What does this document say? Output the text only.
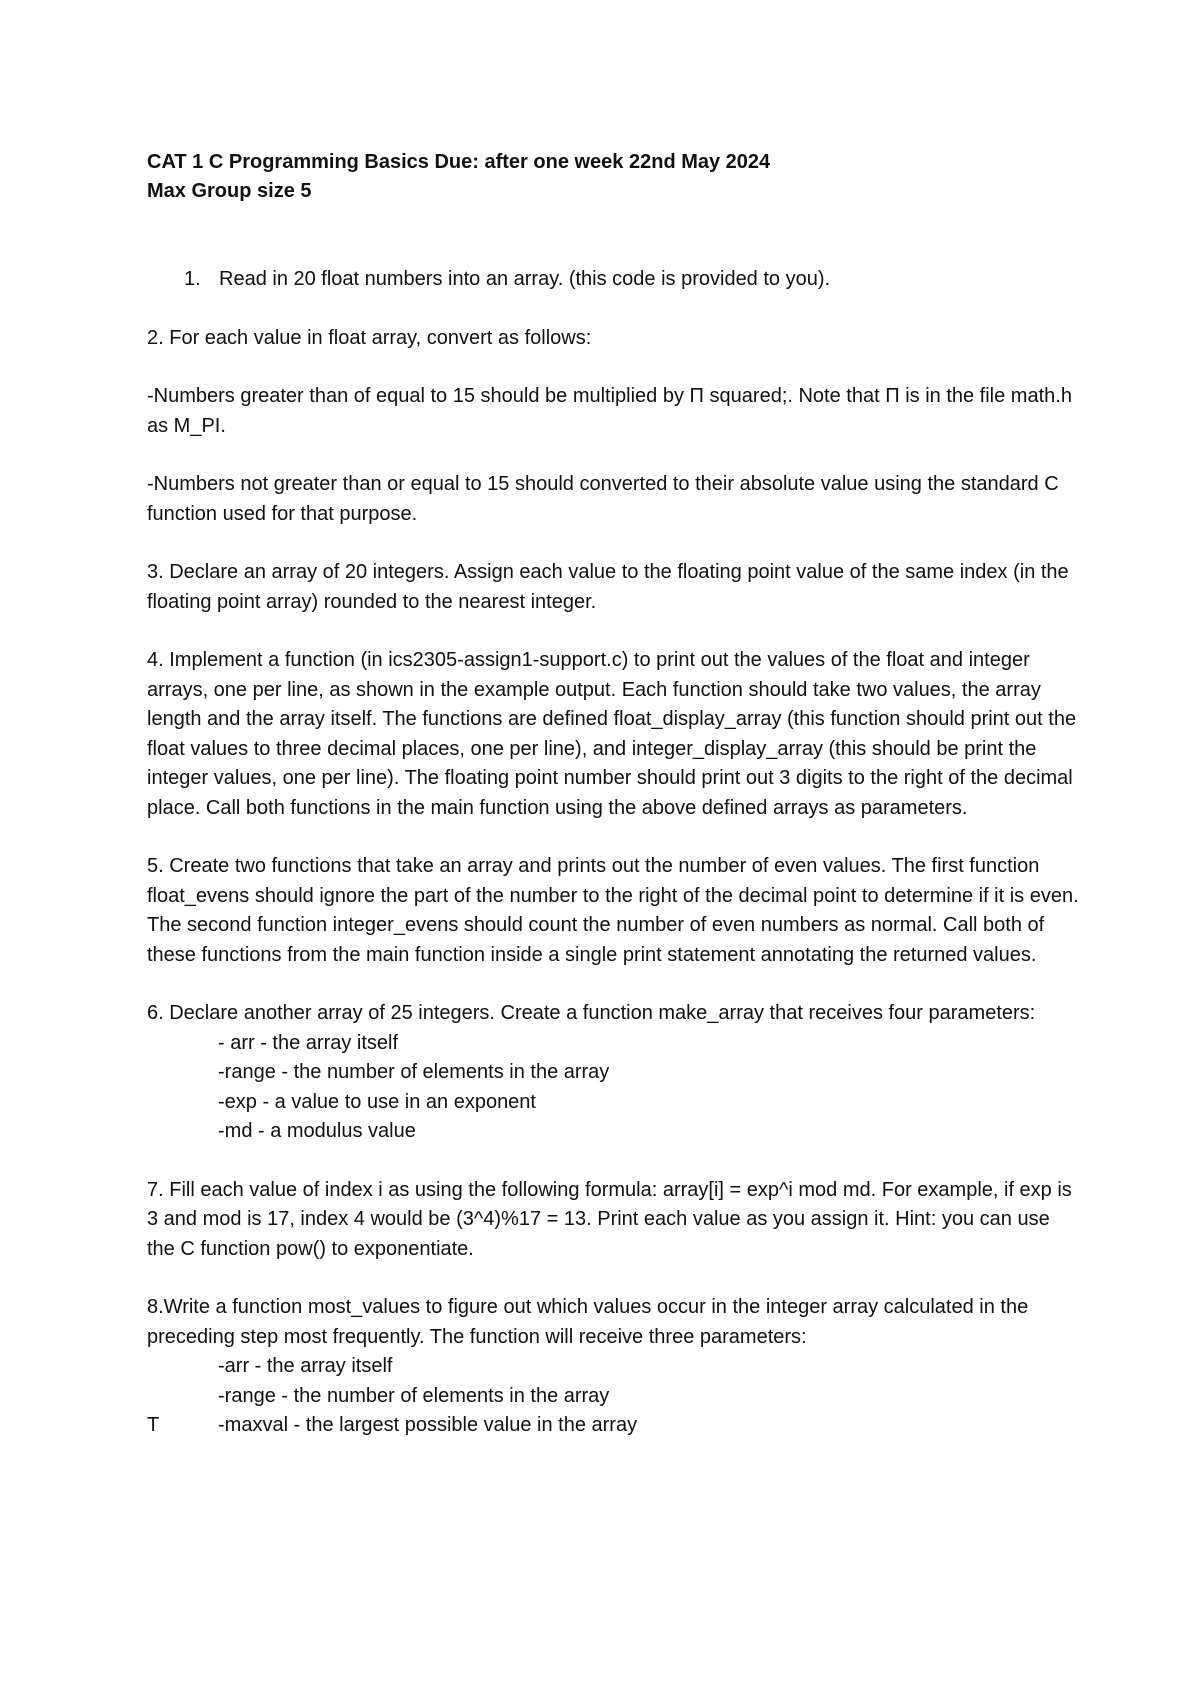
CAT 1 C Programming Basics Due: after one week 22nd May 2024
Max Group size 5

1. Read in 20 float numbers into an array. (this code is provided to you).

2. For each value in float array, convert as follows:

-Numbers greater than of equal to 15 should be multiplied by Π squared;. Note that Π is in the file math.h as M_PI.

-Numbers not greater than or equal to 15 should converted to their absolute value using the standard C function used for that purpose.

3. Declare an array of 20 integers. Assign each value to the floating point value of the same index (in the floating point array) rounded to the nearest integer.

4. Implement a function (in ics2305-assign1-support.c) to print out the values of the float and integer arrays, one per line, as shown in the example output. Each function should take two values, the array length and the array itself. The functions are defined float_display_array (this function should print out the float values to three decimal places, one per line), and integer_display_array (this should be print the integer values, one per line). The floating point number should print out 3 digits to the right of the decimal place. Call both functions in the main function using the above defined arrays as parameters.

5. Create two functions that take an array and prints out the number of even values. The first function float_evens should ignore the part of the number to the right of the decimal point to determine if it is even. The second function integer_evens should count the number of even numbers as normal. Call both of these functions from the main function inside a single print statement annotating the returned values.

6. Declare another array of 25 integers. Create a function make_array that receives four parameters:
- arr - the array itself
-range - the number of elements in the array
-exp - a value to use in an exponent
-md - a modulus value

7. Fill each value of index i as using the following formula: array[i] = exp^i mod md. For example, if exp is 3 and mod is 17, index 4 would be (3^4)%17 = 13. Print each value as you assign it. Hint: you can use the C function pow() to exponentiate.

8.Write a function most_values to figure out which values occur in the integer array calculated in the preceding step most frequently. The function will receive three parameters:
-arr - the array itself
-range - the number of elements in the array
T	-maxval - the largest possible value in the array
